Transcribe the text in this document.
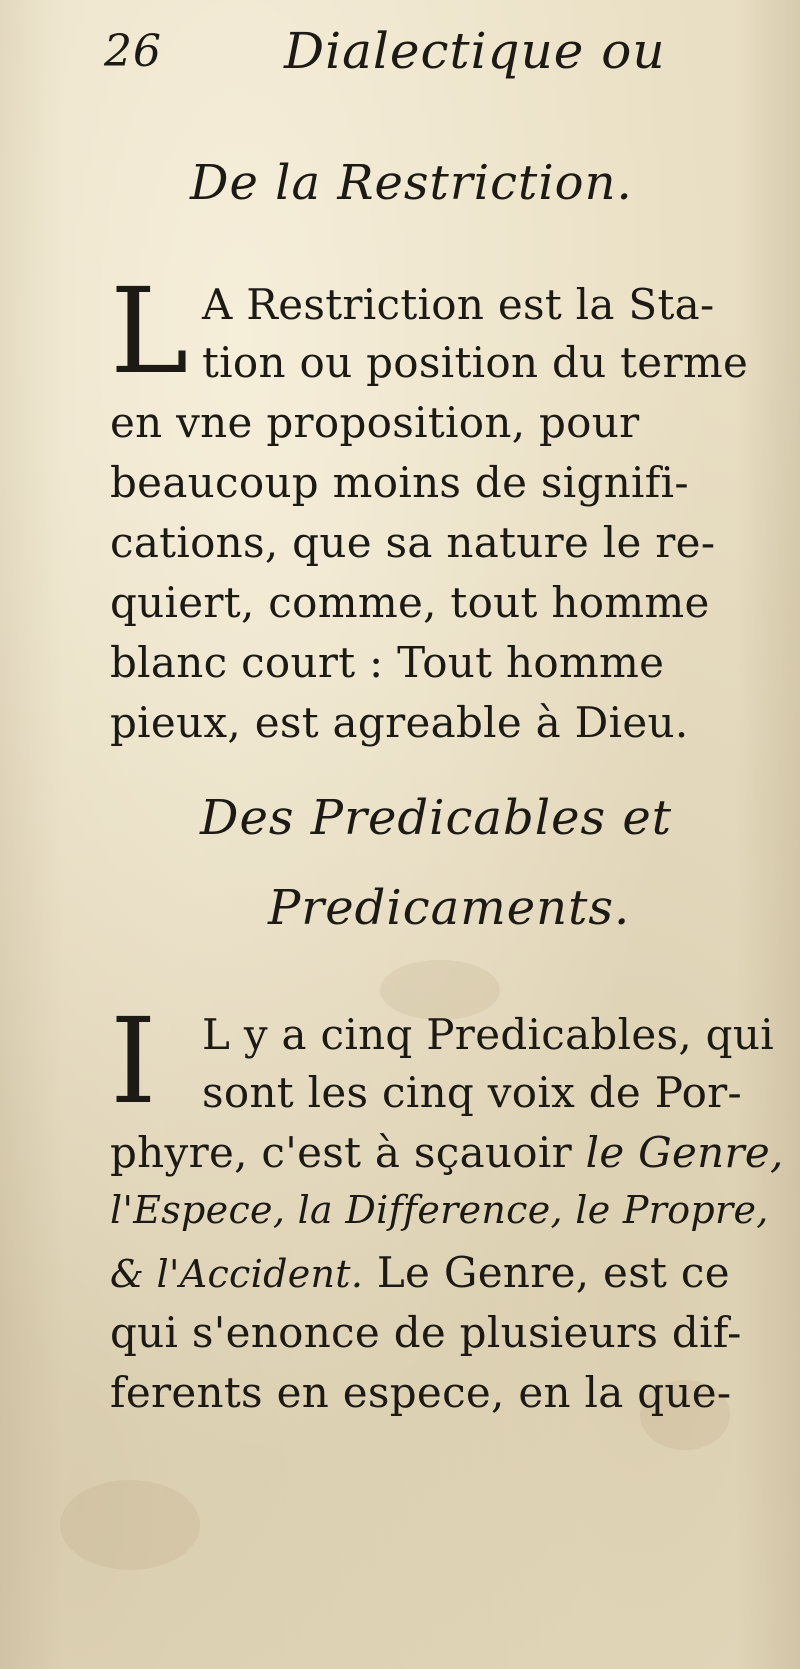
26 Dialectique ou
De la Restriction.
L A Restriction est la Sta-
tion ou position du terme
en vne proposition, pour
beaucoup moins de signifi-
cations, que sa nature le re-
quiert, comme, tout homme
blanc court : Tout homme
pieux, est agreable à Dieu.
Des Predicables et
Predicaments.
I L y a cinq Predicables, qui
sont les cinq voix de Por-
phyre, c'est à sçauoir le Genre,
l'Espece, la Difference, le Propre,
& l'Accident. Le Genre, est ce
qui s'enonce de plusieurs dif-
ferents en espece, en la que-
